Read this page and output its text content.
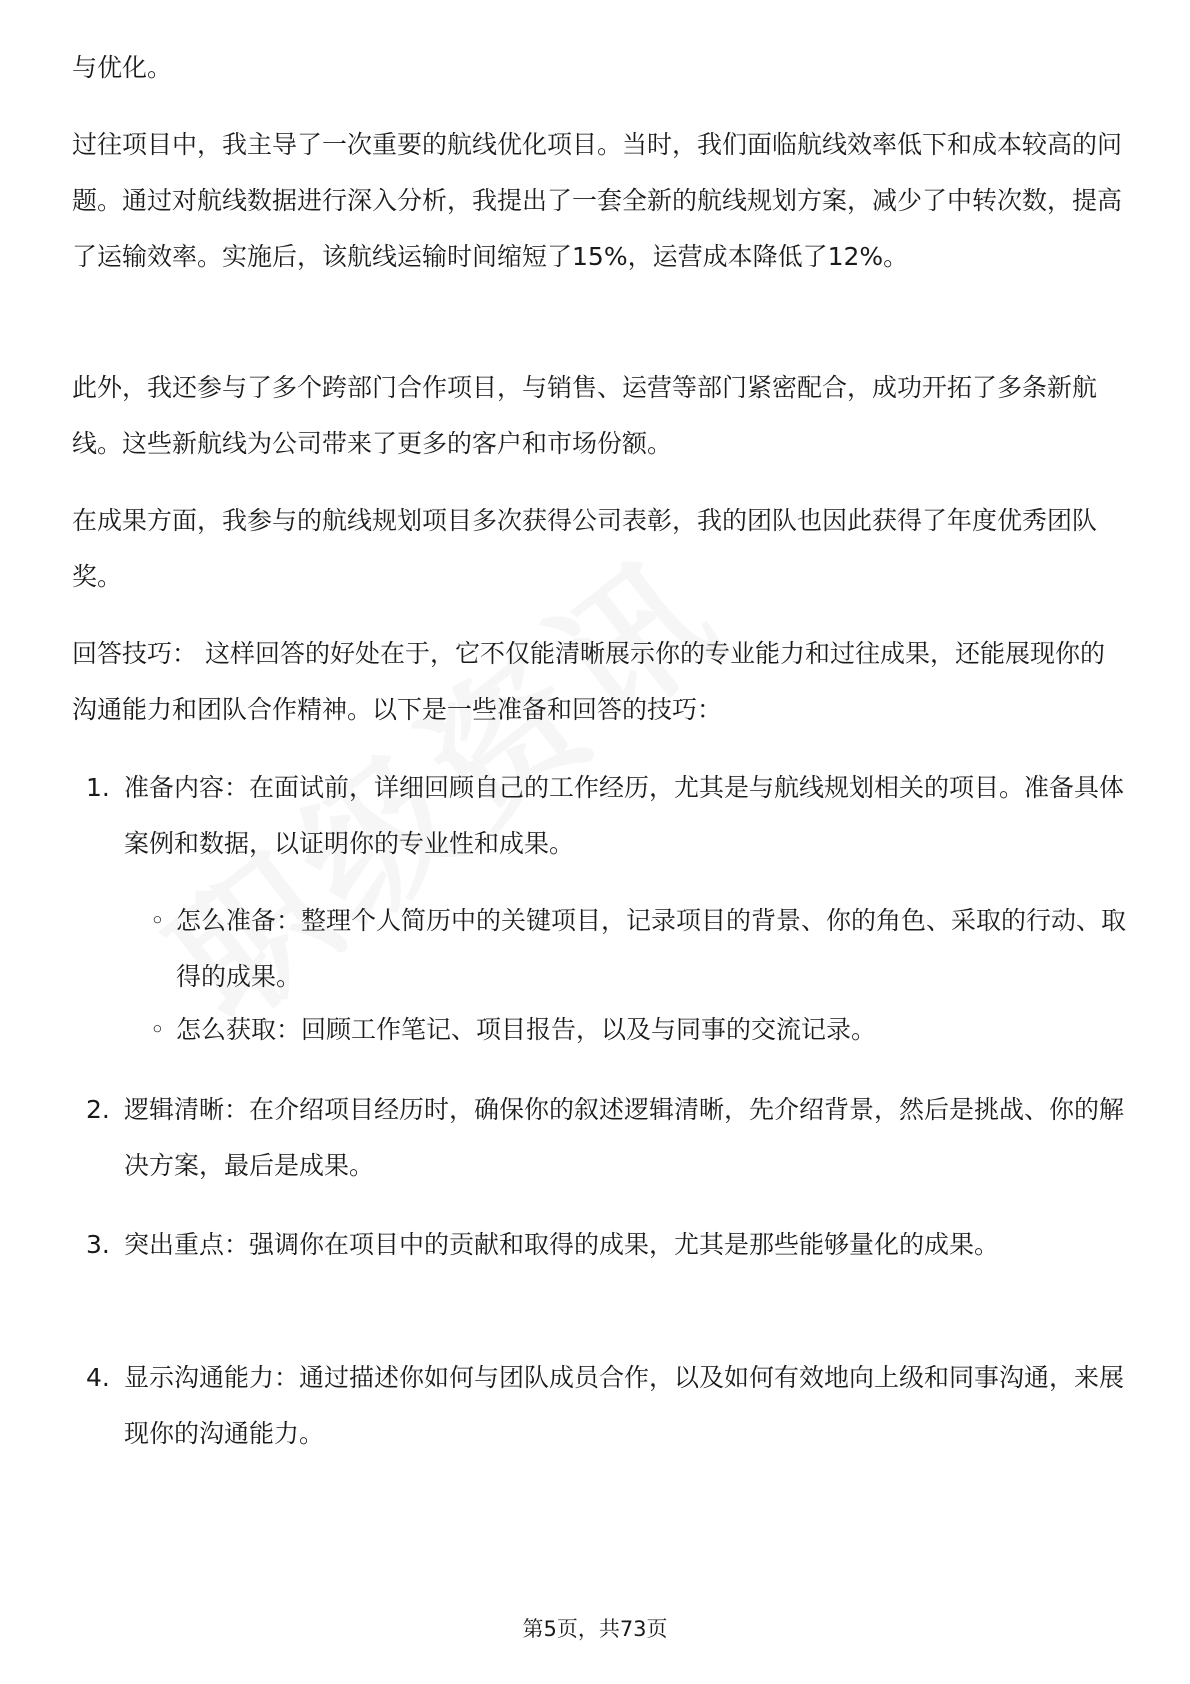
与优化。

过往项目中，我主导了一次重要的航线优化项目。当时，我们面临航线效率低下和成本较高的问题。通过对航线数据进行深入分析，我提出了一套全新的航线规划方案，减少了中转次数，提高了运输效率。实施后，该航线运输时间缩短了15%，运营成本降低了12%。

此外，我还参与了多个跨部门合作项目，与销售、运营等部门紧密配合，成功开拓了多条新航线。这些新航线为公司带来了更多的客户和市场份额。

在成果方面，我参与的航线规划项目多次获得公司表彰，我的团队也因此获得了年度优秀团队奖。

回答技巧： 这样回答的好处在于，它不仅能清晰展示你的专业能力和过往成果，还能展现你的沟通能力和团队合作精神。以下是一些准备和回答的技巧：

1. 准备内容：在面试前，详细回顾自己的工作经历，尤其是与航线规划相关的项目。准备具体案例和数据，以证明你的专业性和成果。
◦ 怎么准备：整理个人简历中的关键项目，记录项目的背景、你的角色、采取的行动、取得的成果。
◦ 怎么获取：回顾工作笔记、项目报告，以及与同事的交流记录。
2. 逻辑清晰：在介绍项目经历时，确保你的叙述逻辑清晰，先介绍背景，然后是挑战、你的解决方案，最后是成果。
3. 突出重点：强调你在项目中的贡献和取得的成果，尤其是那些能够量化的成果。
4. 显示沟通能力：通过描述你如何与团队成员合作，以及如何有效地向上级和同事沟通，来展现你的沟通能力。
第5页，共73页
